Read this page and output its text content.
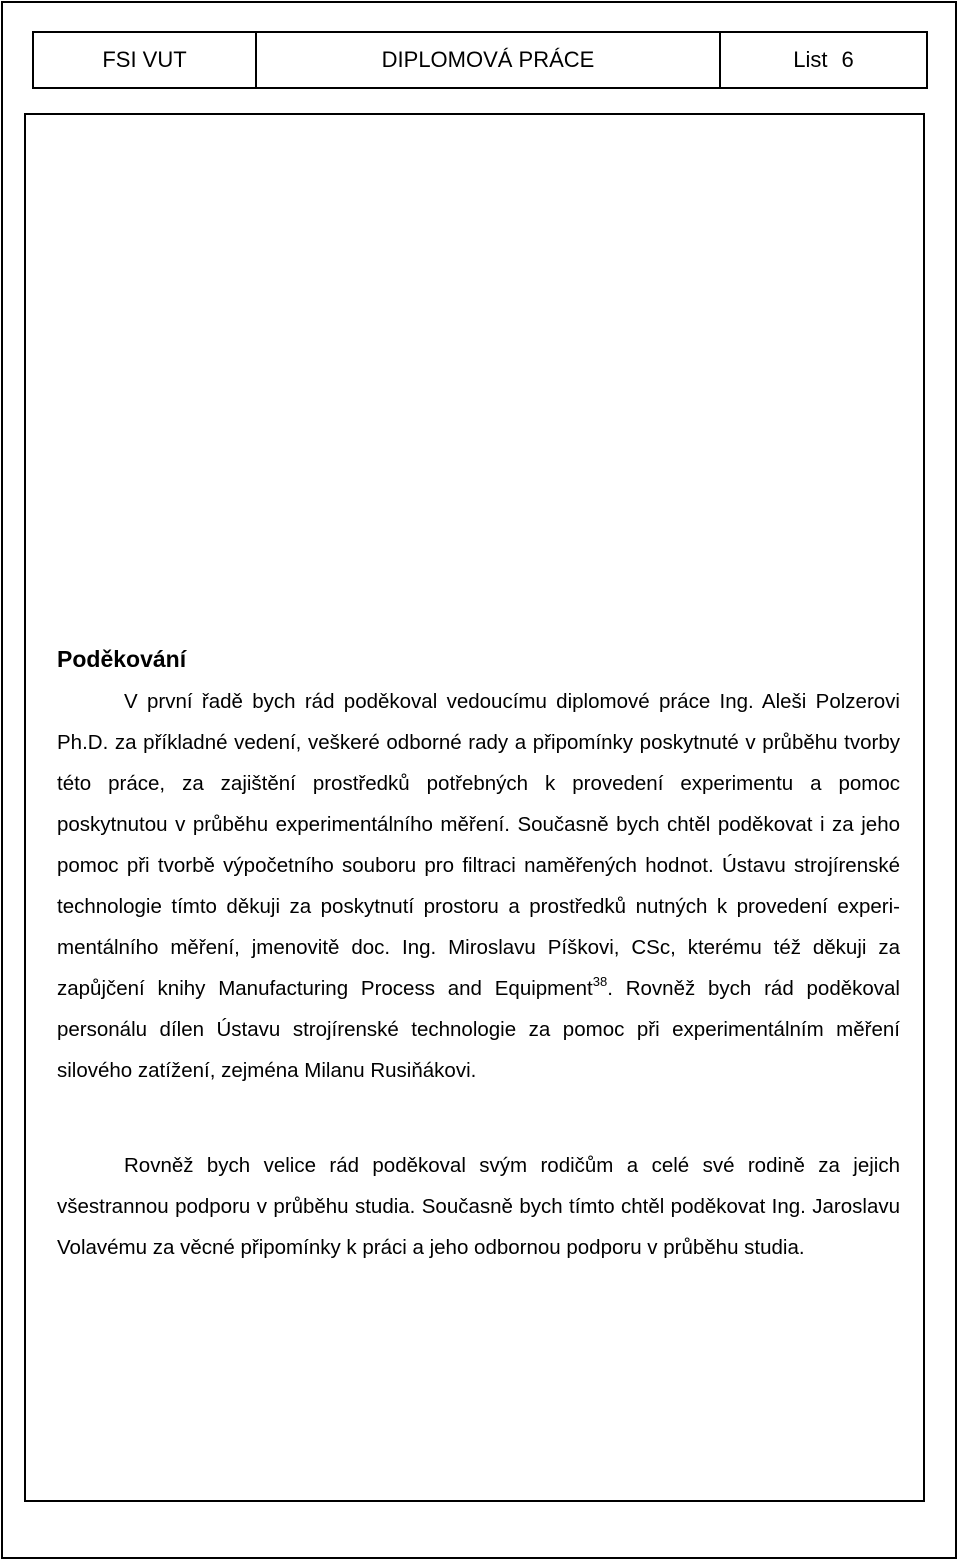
FSI VUT	DIPLOMOVÁ PRÁCE	List 6
Poděkování

V první řadě bych rád poděkoval vedoucímu diplomové práce Ing. Aleši Polzerovi Ph.D. za příkladné vedení, veškeré odborné rady a připomínky poskytnuté v průběhu tvorby této práce, za zajištění prostředků potřebných k provedení experimentu a pomoc poskytnutou v průběhu experimentálního měření. Současně bych chtěl poděkovat i za jeho pomoc při tvorbě výpočetního souboru pro filtraci naměřených hodnot. Ústavu strojírenské technologie tímto děkuji za poskytnutí prostoru a prostředků nutných k provedení experimentálního měření, jmenovitě doc. Ing. Miroslavu Píškovi, CSc, kterému též děkuji za zapůjčení knihy Manufacturing Process and Equipment$^{38}$. Rovněž bych rád poděkoval personálu dílen Ústavu strojírenské technologie za pomoc při experimentálním měření silového zatížení, zejména Milanu Rusiňákovi.

Rovněž bych velice rád poděkoval svým rodičům a celé své rodině za jejich všestrannou podporu v průběhu studia. Současně bych tímto chtěl poděkovat Ing. Jaroslavu Volavému za věcné připomínky k práci a jeho odbornou podporu v průběhu studia.
